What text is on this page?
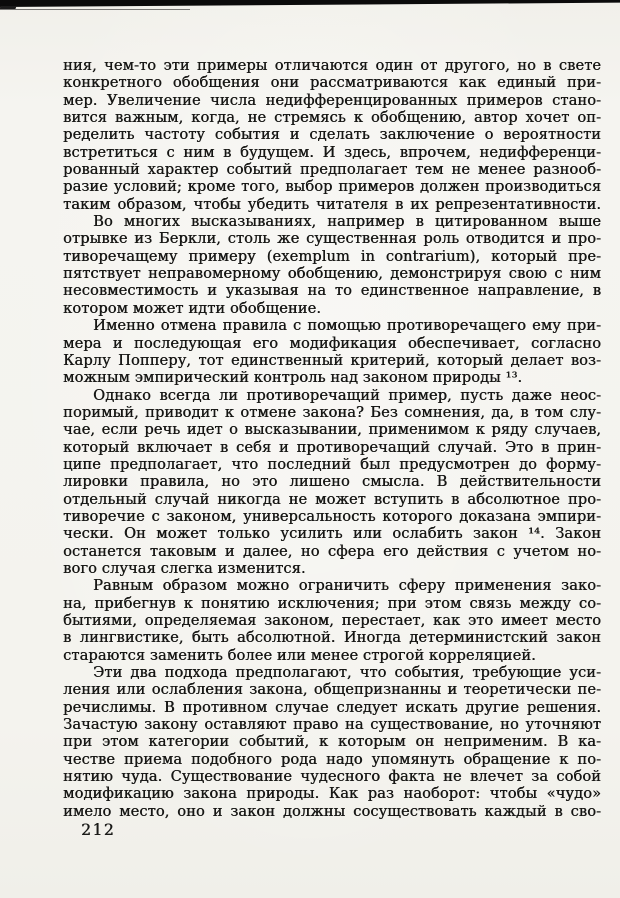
ния, чем-то эти примеры отличаются один от другого, но в свете
конкретного обобщения они рассматриваются как единый при-
мер. Увеличение числа недифференцированных примеров стано-
вится важным, когда, не стремясь к обобщению, автор хочет оп-
ределить частоту события и сделать заключение о вероятности
встретиться с ним в будущем. И здесь, впрочем, недифференци-
рованный характер событий предполагает тем не менее разнооб-
разие условий; кроме того, выбор примеров должен производиться
таким образом, чтобы убедить читателя в их репрезентативности.
Во многих высказываниях, например в цитированном выше
отрывке из Беркли, столь же существенная роль отводится и про-
тиворечащему примеру (exemplum in contrarium), который пре-
пятствует неправомерному обобщению, демонстрируя свою с ним
несовместимость и указывая на то единственное направление, в
котором может идти обобщение.
Именно отмена правила с помощью противоречащего ему при-
мера и последующая его модификация обеспечивает, согласно
Карлу Попперу, тот единственный критерий, который делает воз-
можным эмпирический контроль над законом природы ¹³.
Однако всегда ли противоречащий пример, пусть даже неос-
поримый, приводит к отмене закона? Без сомнения, да, в том слу-
чае, если речь идет о высказывании, применимом к ряду случаев,
который включает в себя и противоречащий случай. Это в прин-
ципе предполагает, что последний был предусмотрен до форму-
лировки правила, но это лишено смысла. В действительности
отдельный случай никогда не может вступить в абсолютное про-
тиворечие с законом, универсальность которого доказана эмпири-
чески. Он может только усилить или ослабить закон ¹⁴. Закон
останется таковым и далее, но сфера его действия с учетом но-
вого случая слегка изменится.
Равным образом можно ограничить сферу применения зако-
на, прибегнув к понятию исключения; при этом связь между со-
бытиями, определяемая законом, перестает, как это имеет место
в лингвистике, быть абсолютной. Иногда детерминистский закон
стараются заменить более или менее строгой корреляцией.
Эти два подхода предполагают, что события, требующие уси-
ления или ослабления закона, общепризнанны и теоретически пе-
речислимы. В противном случае следует искать другие решения.
Зачастую закону оставляют право на существование, но уточняют
при этом категории событий, к которым он неприменим. В ка-
честве приема подобного рода надо упомянуть обращение к по-
нятию чуда. Существование чудесного факта не влечет за собой
модификацию закона природы. Как раз наоборот: чтобы «чудо»
имело место, оно и закон должны сосуществовать каждый в сво-
212
